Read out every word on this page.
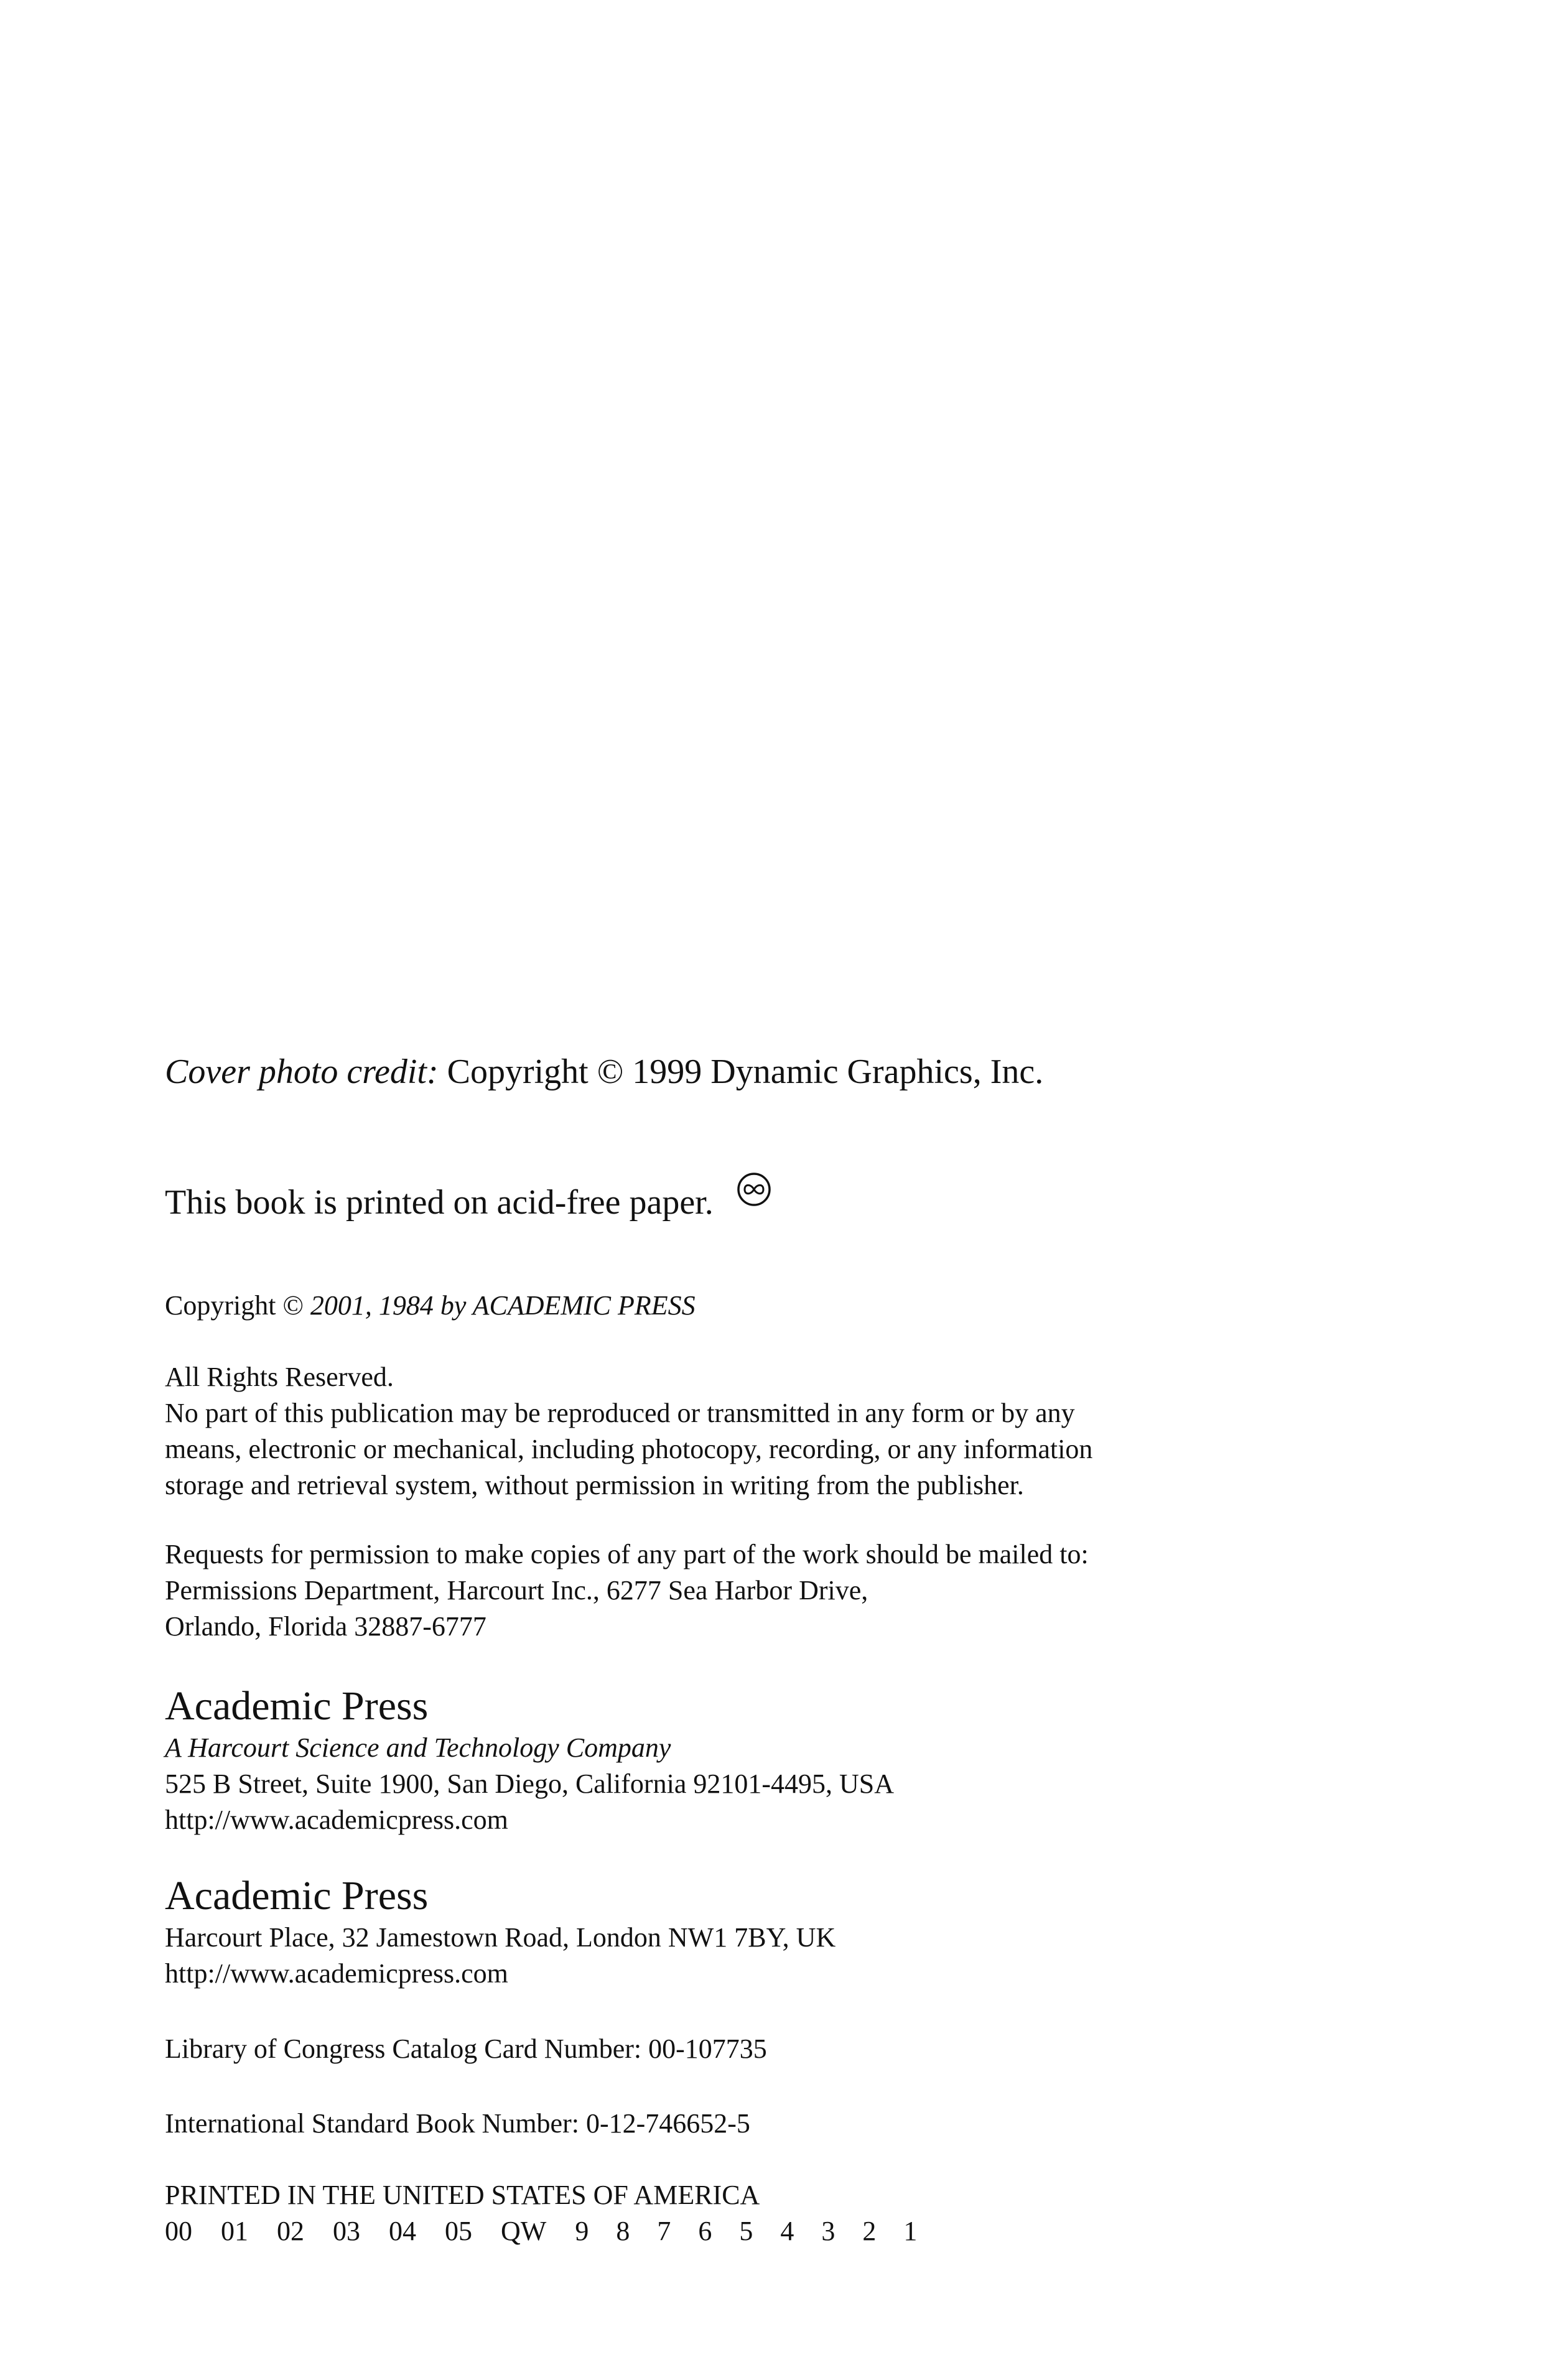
Cover photo credit: Copyright © 1999 Dynamic Graphics, Inc.

This book is printed on acid-free paper.

Copyright © 2001, 1984 by ACADEMIC PRESS

All Rights Reserved.
No part of this publication may be reproduced or transmitted in any form or by any
means, electronic or mechanical, including photocopy, recording, or any information
storage and retrieval system, without permission in writing from the publisher.
Requests for permission to make copies of any part of the work should be mailed to:
Permissions Department, Harcourt Inc., 6277 Sea Harbor Drive,
Orlando, Florida 32887-6777
Academic Press
A Harcourt Science and Technology Company
525 B Street, Suite 1900, San Diego, California 92101-4495, USA
http://www.academicpress.com
Academic Press
Harcourt Place, 32 Jamestown Road, London NW1 7BY, UK
http://www.academicpress.com

Library of Congress Catalog Card Number: 00-107735

International Standard Book Number: 0-12-746652-5

PRINTED IN THE UNITED STATES OF AMERICA
00 01 02 03 04 05 QW 9 8 7 6 5 4 3 2 1
